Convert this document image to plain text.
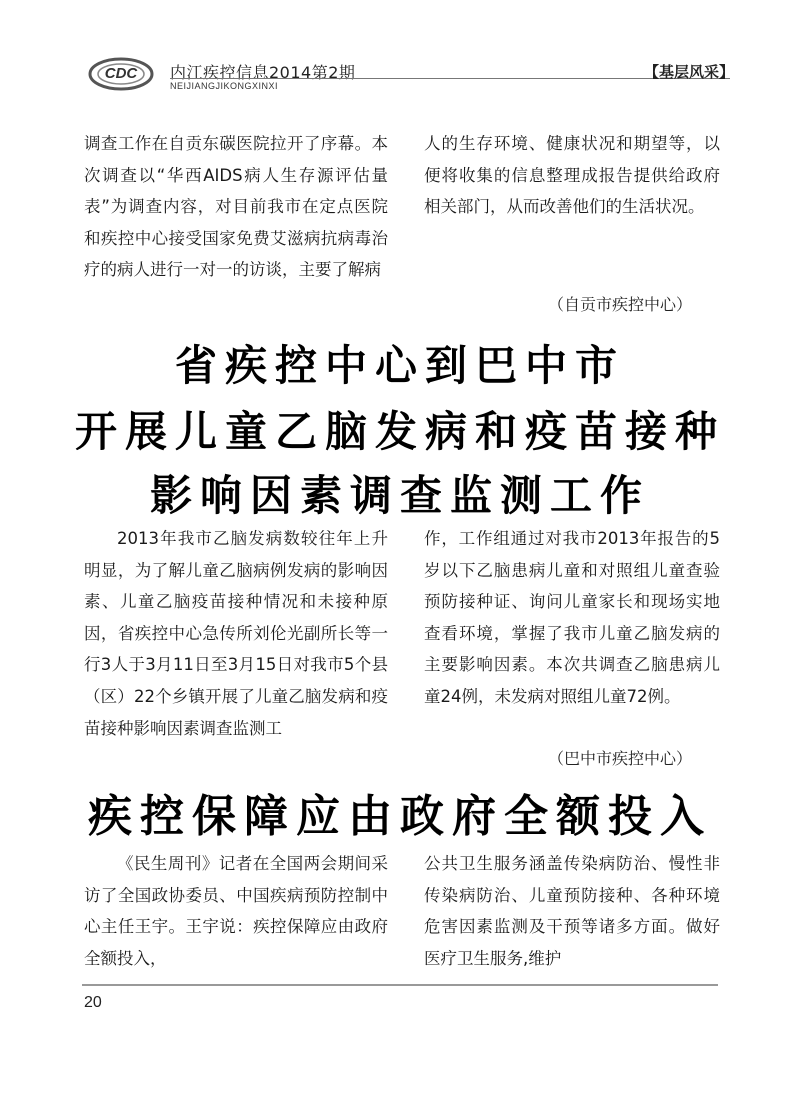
CDC 内江疾控信息2014第2期
NEIJIANGJIKONGXINXI
【基层风采】

调查工作在自贡东碳医院拉开了序幕。本次调查以“华西AIDS病人生存源评估量表”为调查内容，对目前我市在定点医院和疾控中心接受国家免费艾滋病抗病毒治疗的病人进行一对一的访谈，主要了解病

人的生存环境、健康状况和期望等，以便将收集的信息整理成报告提供给政府相关部门，从而改善他们的生活状况。

（自贡市疾控中心）
省疾控中心到巴中市
开展儿童乙脑发病和疫苗接种
影响因素调查监测工作

2013年我市乙脑发病数较往年上升明显，为了解儿童乙脑病例发病的影响因素、儿童乙脑疫苗接种情况和未接种原因，省疾控中心急传所刘伦光副所长等一行3人于3月11日至3月15日对我市5个县（区）22个乡镇开展了儿童乙脑发病和疫苗接种影响因素调查监测工

作，工作组通过对我市2013年报告的5岁以下乙脑患病儿童和对照组儿童查验预防接种证、询问儿童家长和现场实地查看环境，掌握了我市儿童乙脑发病的主要影响因素。本次共调查乙脑患病儿童24例，未发病对照组儿童72例。

（巴中市疾控中心）
疾控保障应由政府全额投入

《民生周刊》记者在全国两会期间采访了全国政协委员、中国疾病预防控制中心主任王宇。王宇说：疾控保障应由政府全额投入，

公共卫生服务涵盖传染病防治、慢性非传染病防治、儿童预防接种、各种环境危害因素监测及干预等诸多方面。做好医疗卫生服务,维护

20
